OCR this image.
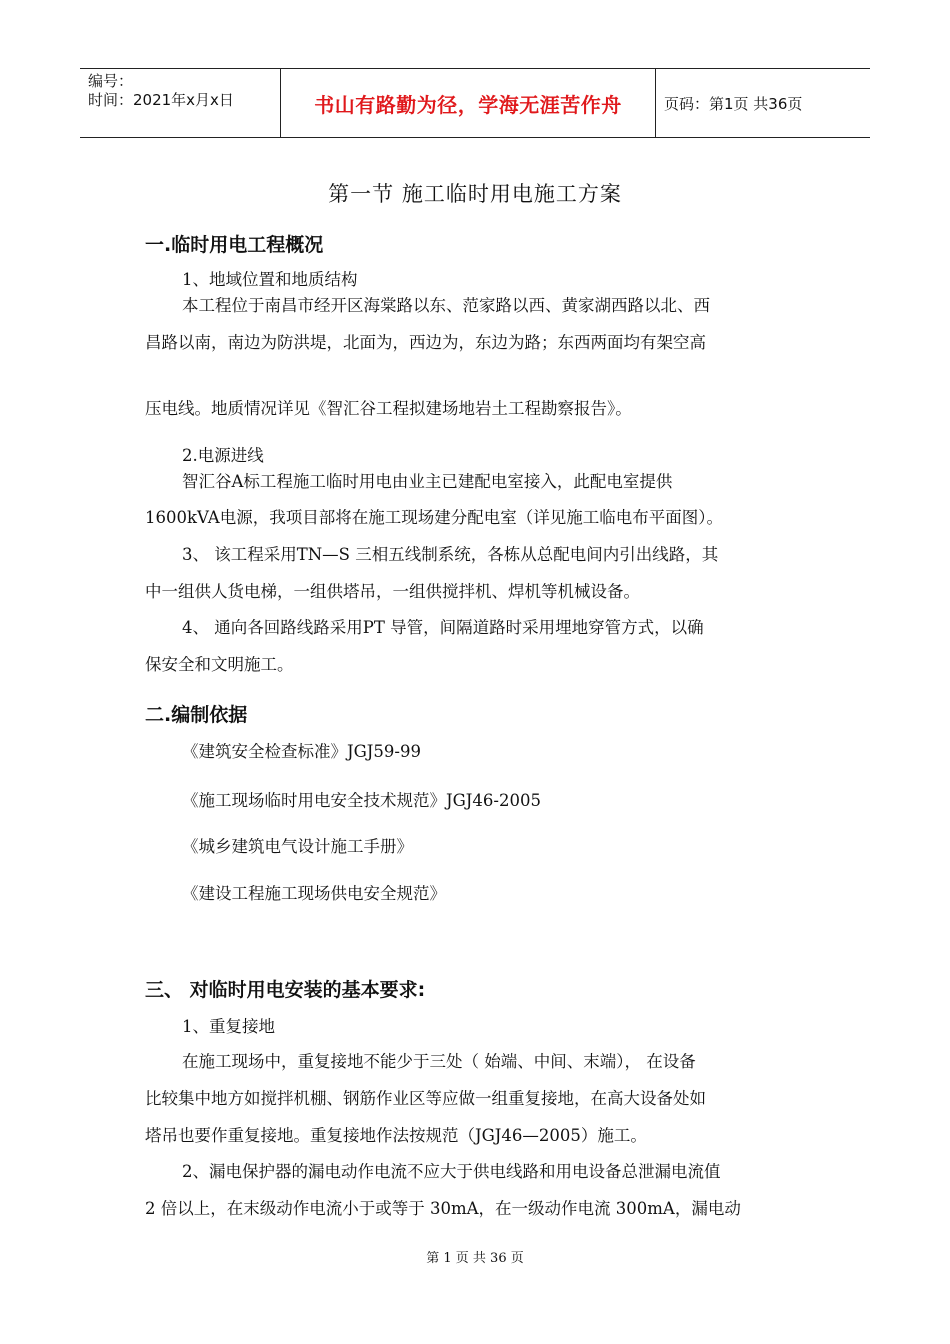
编号：
时间：2021年x月x日	书山有路勤为径，学海无涯苦作舟	页码：第1页 共36页
第一节 施工临时用电施工方案
一.临时用电工程概况
1、地域位置和地质结构
本工程位于南昌市经开区海棠路以东、范家路以西、黄家湖西路以北、西
昌路以南，南边为防洪堤，北面为，西边为，东边为路；东西两面均有架空高
压电线。地质情况详见《智汇谷工程拟建场地岩土工程勘察报告》。
2.电源进线
智汇谷A标工程施工临时用电由业主已建配电室接入，此配电室提供
1600kVA电源，我项目部将在施工现场建分配电室（详见施工临电布平面图）。
3、 该工程采用TN—S 三相五线制系统，各栋从总配电间内引出线路，其
中一组供人货电梯，一组供塔吊，一组供搅拌机、焊机等机械设备。
4、 通向各回路线路采用PT 导管，间隔道路时采用埋地穿管方式，以确
保安全和文明施工。
二.编制依据
《建筑安全检查标准》JGJ59-99
《施工现场临时用电安全技术规范》JGJ46-2005
《城乡建筑电气设计施工手册》
《建设工程施工现场供电安全规范》
三、 对临时用电安装的基本要求:
1、重复接地
在施工现场中，重复接地不能少于三处（ 始端、中间、末端）， 在设备
比较集中地方如搅拌机棚、钢筋作业区等应做一组重复接地，在高大设备处如
塔吊也要作重复接地。重复接地作法按规范（JGJ46—2005）施工。
2、漏电保护器的漏电动作电流不应大于供电线路和用电设备总泄漏电流值
2 倍以上，在末级动作电流小于或等于 30mA，在一级动作电流 300mA，漏电动
第 1 页 共 36 页
